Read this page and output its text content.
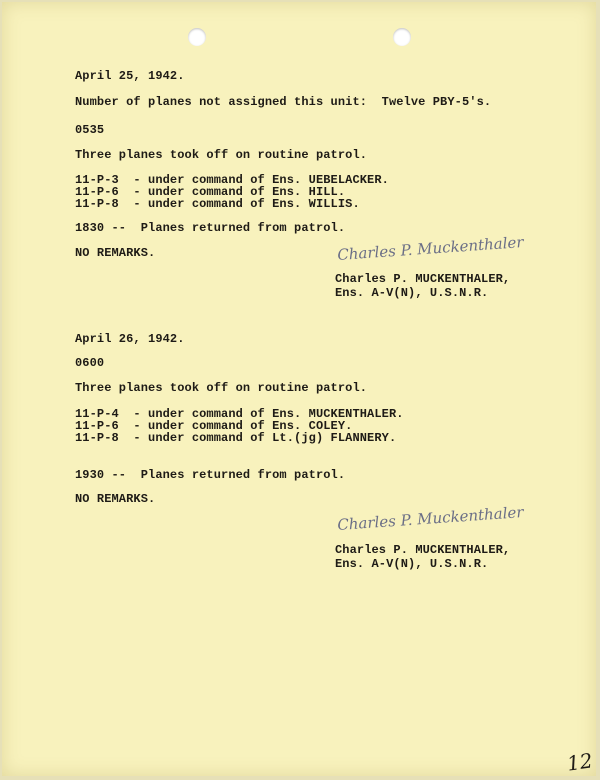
April 25, 1942.
Number of planes not assigned this unit:  Twelve PBY-5's.
0535
Three planes took off on routine patrol.
11-P-3  - under command of Ens. UEBELACKER.
11-P-6  - under command of Ens. HILL.
11-P-8  - under command of Ens. WILLIS.
1830 --  Planes returned from patrol.
NO REMARKS.	Charles P. Muckenthaler
Charles P. MUCKENTHALER,
Ens. A-V(N), U.S.N.R.
April 26, 1942.
0600
Three planes took off on routine patrol.
11-P-4  - under command of Ens. MUCKENTHALER.
11-P-6  - under command of Ens. COLEY.
11-P-8  - under command of Lt.(jg) FLANNERY.
1930 --  Planes returned from patrol.
NO REMARKS.
Charles P. Muckenthaler
Charles P. MUCKENTHALER,
Ens. A-V(N), U.S.N.R.
12
